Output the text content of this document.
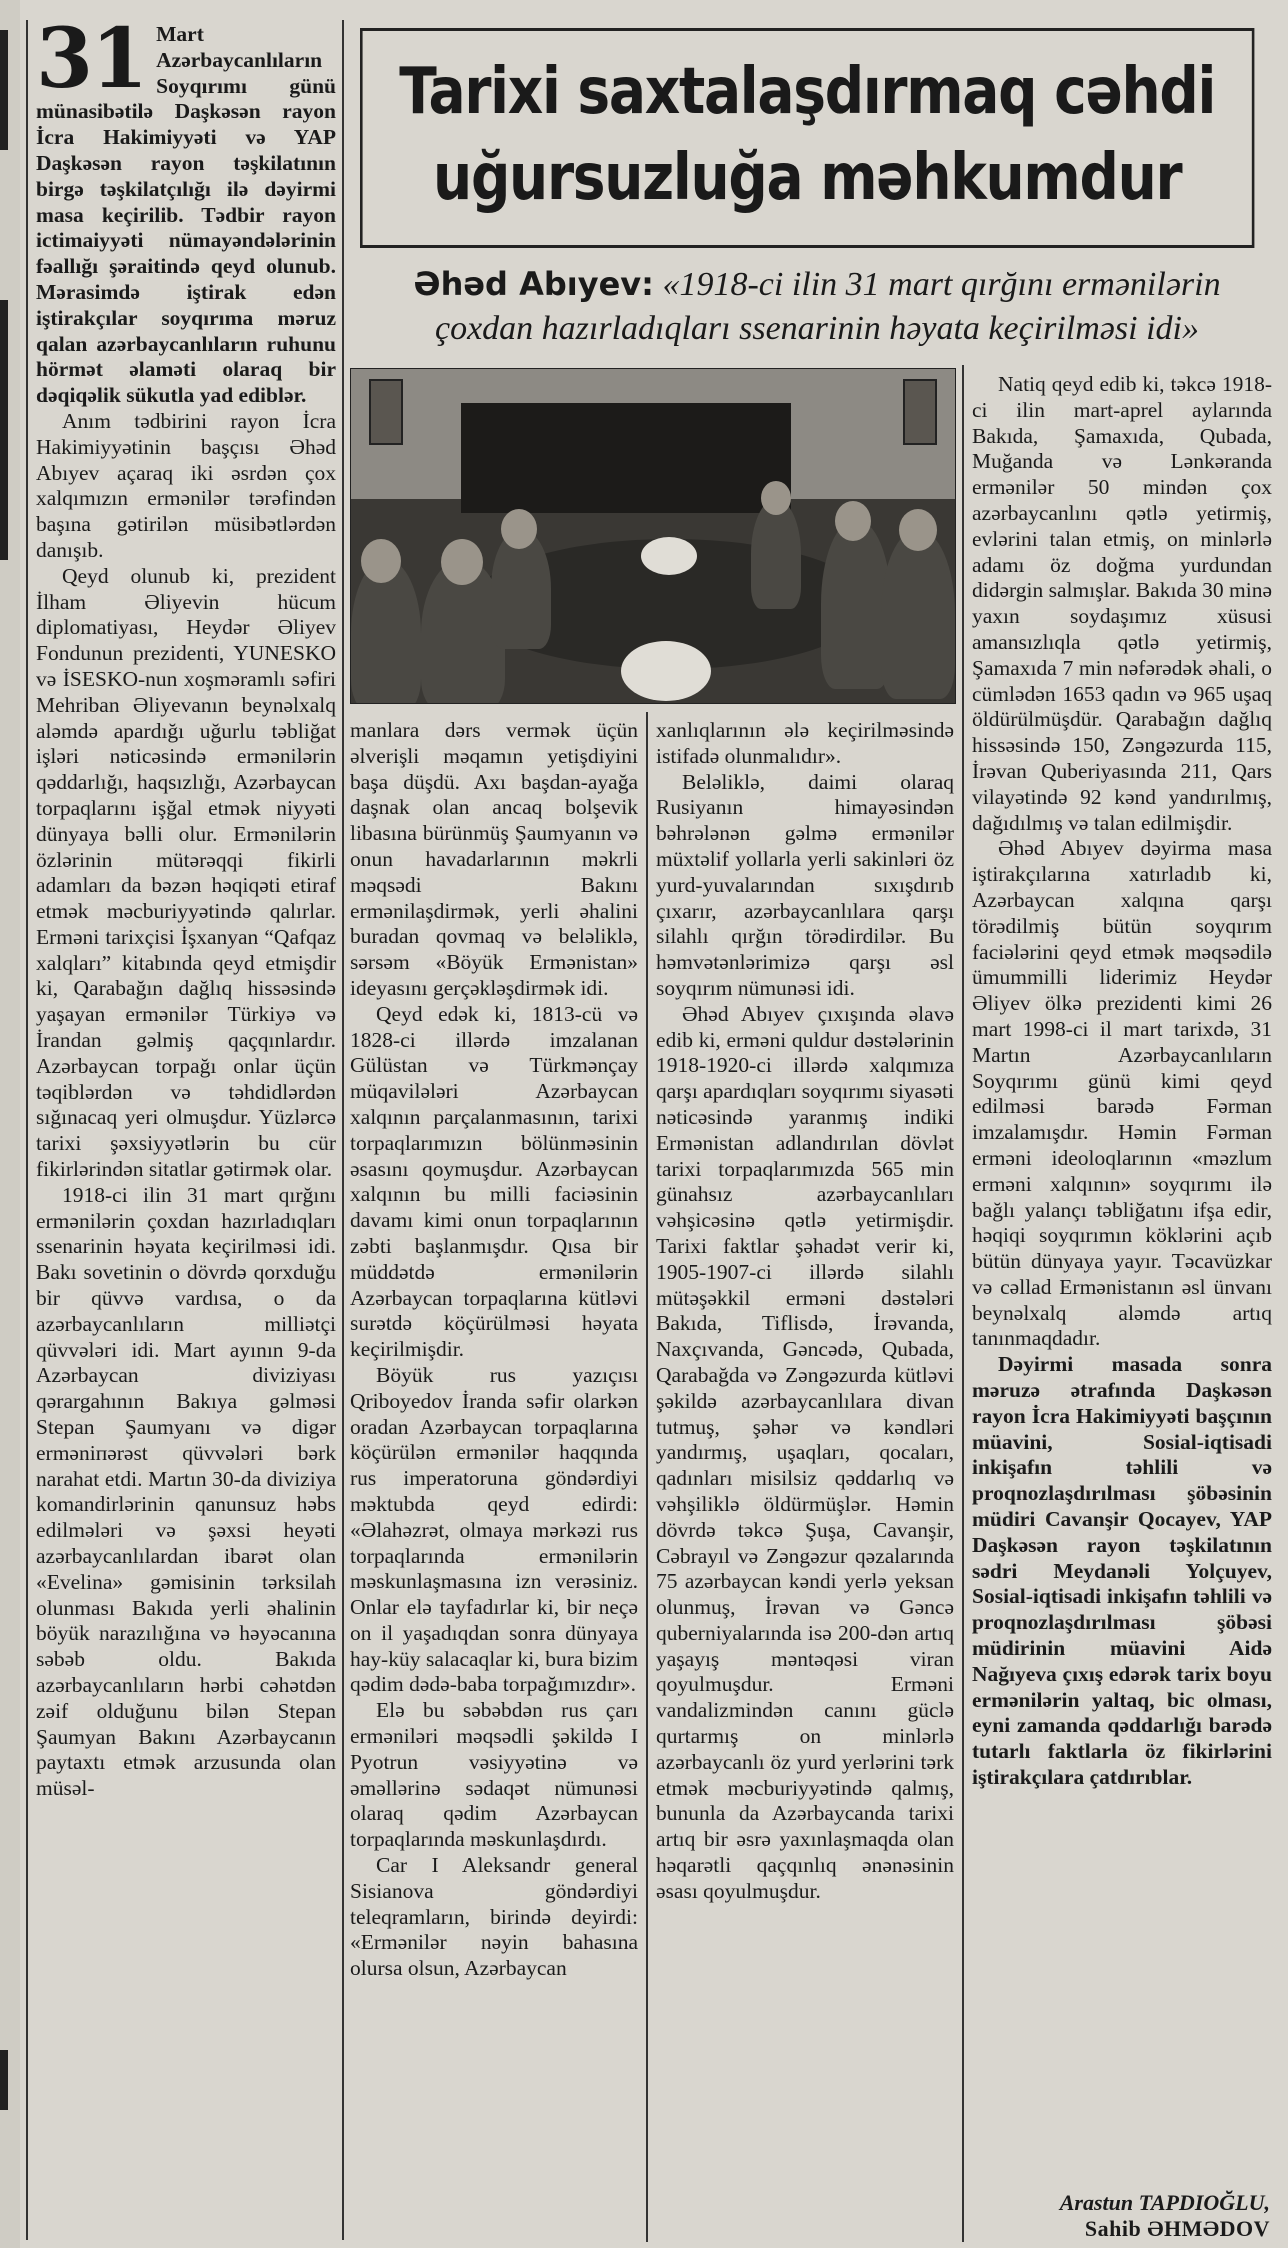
31 Mart Azərbaycanlıların Soyqırımı günü münasibətilə Daşkəsən rayon İcra Hakimiyyəti və YAP Daşkəsən rayon təşkilatının birgə təşkilatçılığı ilə dəyirmi masa keçirilib. Tədbir rayon ictimaiyyəti nümayəndələrinin fəallığı şəraitində qeyd olunub. Mərasimdə iştirak edən iştirakçılar soyqırıma məruz qalan azərbaycanlıların ruhunu hörmət əlaməti olaraq bir dəqiqəlik sükutla yad ediblər.

Anım tədbirini rayon İcra Hakimiyyətinin başçısı Əhəd Abıyev açaraq iki əsrdən çox xalqımızın ermənilər tərəfindən başına gətirilən müsibətlərdən danışıb.

Qeyd olunub ki, prezident İlham Əliyevin hücum diplomatiyası, Heydər Əliyev Fondunun prezidenti, YUNESKO və İSESKO-nun xoşməramlı səfiri Mehriban Əliyevanın beynəlxalq aləmdə apardığı uğurlu təbliğat işləri nəticəsində ermənilərin qəddarlığı, haqsızlığı, Azərbaycan torpaqlarını işğal etmək niyyəti dünyaya bəlli olur. Ermənilərin özlərinin mütərəqqi fikirli adamları da bəzən həqiqəti etiraf etmək məcburiyyətində qalırlar. Erməni tarixçisi İşxanyan “Qafqaz xalqları” kitabında qeyd etmişdir ki, Qarabağın dağlıq hissəsində yaşayan ermənilər Türkiyə və İrandan gəlmiş qaçqınlardır. Azərbaycan torpağı onlar üçün təqiblərdən və təhdidlərdən sığınacaq yeri olmuşdur. Yüzlərcə tarixi şəxsiyyətlərin bu cür fikirlərindən sitatlar gətirmək olar.

1918-ci ilin 31 mart qırğını ermənilərin çoxdan hazırladıqları ssenarinin həyata keçirilməsi idi. Bakı sovetinin o dövrdə qorxduğu bir qüvvə vardısa, o da azərbaycanlıların milliətçi qüvvələri idi. Mart ayının 9-da Azərbaycan diviziyası qərargahının Bakıya gəlməsi Stepan Şaumyanı və digər erməniпərəst qüvvələri bərk narahat etdi. Martın 30-da diviziya komandirlərinin qanunsuz həbs edilmələri və şəxsi heyəti azərbaycanlılardan ibarət olan «Evelina» gəmisinin tərksilah olunması Bakıda yerli əhalinin böyük narazılığına və həyəcanına səbəb oldu. Bakıda azərbaycanlıların hərbi cəhətdən zəif olduğunu bilən Stepan Şaumyan Bakını Azərbaycanın paytaxtı etmək arzusunda olan müsəl-

Tarixi saxtalaşdırmaq cəhdi uğursuzluğa məhkumdur
Əhəd Abıyev: «1918-ci ilin 31 mart qırğını ermənilərin çoxdan hazırladıqları ssenarinin həyata keçirilməsi idi»

manlara dərs vermək üçün əlverişli məqamın yetişdiyini başa düşdü. Axı başdan-ayağa daşnak olan ancaq bolşevik libasına bürünmüş Şaumyanın və onun havadarlarının məkrli məqsədi Bakını ermənilaşdirmək, yerli əhalini buradan qovmaq və beləliklə, sərsəm «Böyük Ermənistan» ideyasını gerçəkləşdirmək idi.

Qeyd edək ki, 1813-cü və 1828-ci illərdə imzalanan Gülüstan və Türkmənçay müqavilələri Azərbaycan xalqının parçalanmasının, tarixi torpaqlarımızın bölünməsinin əsasını qoymuşdur. Azərbaycan xalqının bu milli faciəsinin davamı kimi onun torpaqlarının zəbti başlanmışdır. Qısa bir müddətdə ermənilərin Azərbaycan torpaqlarına kütləvi surətdə köçürülməsi həyata keçirilmişdir.

Böyük rus yazıçısı Qriboyedov İranda səfir olarkən oradan Azərbaycan torpaqlarına köçürülən ermənilər haqqında rus imperatoruna göndərdiyi məktubda qeyd edirdi: «Əlahəzrət, olmaya mərkəzi rus torpaqlarında ermənilərin məskunlaşmasına izn verəsiniz. Onlar elə tayfadırlar ki, bir neçə on il yaşadıqdan sonra dünyaya hay-küy salacaqlar ki, bura bizim qədim dədə-baba torpağımızdır».

Elə bu səbəbdən rus çarı erməniləri məqsədli şəkildə I Pyotrun vəsiyyətinə və əməllərinə sədaqət nümunəsi olaraq qədim Azərbaycan torpaqlarında məskunlaşdırdı.

Car I Aleksandr general Sisianova göndərdiyi teleqramların, birində deyirdi: «Ermənilər nəyin bahasına olursa olsun, Azərbaycan

xanlıqlarının ələ keçirilməsində istifadə olunmalıdır».

Beləliklə, daimi olaraq Rusiyanın himayəsindən bəhrələnən gəlmə ermənilər müxtəlif yollarla yerli sakinləri öz yurd-yuvalarından sıxışdırıb çıxarır, azərbaycanlılara qarşı silahlı qırğın törədirdilər. Bu həmvətənlərimizə qarşı əsl soyqırım nümunəsi idi.

Əhəd Abıyev çıxışında əlavə edib ki, erməni quldur dəstələrinin 1918-1920-ci illərdə xalqımıza qarşı apardıqları soyqırımı siyasəti nəticəsində yaranmış indiki Ermənistan adlandırılan dövlət tarixi torpaqlarımızda 565 min günahsız azərbaycanlıları vəhşicəsinə qətlə yetirmişdir. Tarixi faktlar şəhadət verir ki, 1905-1907-ci illərdə silahlı mütəşəkkil erməni dəstələri Bakıda, Tiflisdə, İrəvanda, Naxçıvanda, Gəncədə, Qubada, Qarabağda və Zəngəzurda kütləvi şəkildə azərbaycanlılara divan tutmuş, şəhər və kəndləri yandırmış, uşaqları, qocaları, qadınları misilsiz qəddarlıq və vəhşiliklə öldürmüşlər. Həmin dövrdə təkcə Şuşa, Cavanşir, Cəbrayıl və Zəngəzur qəzalarında 75 azərbaycan kəndi yerlə yeksan olunmuş, İrəvan və Gəncə quberniyalarında isə 200-dən artıq yaşayış məntəqəsi viran qoyulmuşdur. Erməni vandalizmindən canını güclə qurtarmış on minlərlə azərbaycanlı öz yurd yerlərini tərk etmək məcburiyyətində qalmış, bununla da Azərbaycanda tarixi artıq bir əsrə yaxınlaşmaqda olan həqarətli qaçqınlıq ənənəsinin əsası qoyulmuşdur.

Natiq qeyd edib ki, təkcə 1918-ci ilin mart-aprel aylarında Bakıda, Şamaxıda, Qubada, Muğanda və Lənkəranda ermənilər 50 mindən çox azərbaycanlını qətlə yetirmiş, evlərini talan etmiş, on minlərlə adamı öz doğma yurdundan didərgin salmışlar. Bakıda 30 minə yaxın soydaşımız xüsusi amansızlıqla qətlə yetirmiş, Şamaxıda 7 min nəfərədək əhali, o cümlədən 1653 qadın və 965 uşaq öldürülmüşdür. Qarabağın dağlıq hissəsində 150, Zəngəzurda 115, İrəvan Quberiyasında 211, Qars vilayətində 92 kənd yandırılmış, dağıdılmış və talan edilmişdir.

Əhəd Abıyev dəyirma masa iştirakçılarına xatırladıb ki, Azərbaycan xalqına qarşı törədilmiş bütün soyqırım faciələrini qeyd etmək məqsədilə ümummilli liderimiz Heydər Əliyev ölkə prezidenti kimi 26 mart 1998-ci il mart tarixdə, 31 Martın Azərbaycanlıların Soyqırımı günü kimi qeyd edilməsi barədə Fərman imzalamışdır. Həmin Fərman erməni ideoloqlarının «məzlum erməni xalqının» soyqırımı ilə bağlı yalançı təbliğatını ifşa edir, həqiqi soyqırımın köklərini açıb bütün dünyaya yayır. Təcavüzkar və cəllad Ermənistanın əsl ünvanı beynəlxalq aləmdə artıq tanınmaqdadır.

Dəyirmi masada sonra məruzə ətrafında Daşkəsən rayon İcra Hakimiyyəti başçının müavini, Sosial-iqtisadi inkişafın təhlili və proqnozlaşdırılması şöbəsinin müdiri Cavanşir Qocayev, YAP Daşkəsən rayon təşkilatının sədri Meydanəli Yolçuyev, Sosial-iqtisadi inkişafın təhlili və proqnozlaşdırılması şöbəsi müdirinin müavini Aidə Nağıyeva çıxış edərək tarix boyu ermənilərin yaltaq, bic olması, eyni zamanda qəddarlığı barədə tutarlı faktlarla öz fikirlərini iştirakçılara çatdırıblar.

Arastun TAPDIOĞLU,
Sahib ƏHMƏDOV
